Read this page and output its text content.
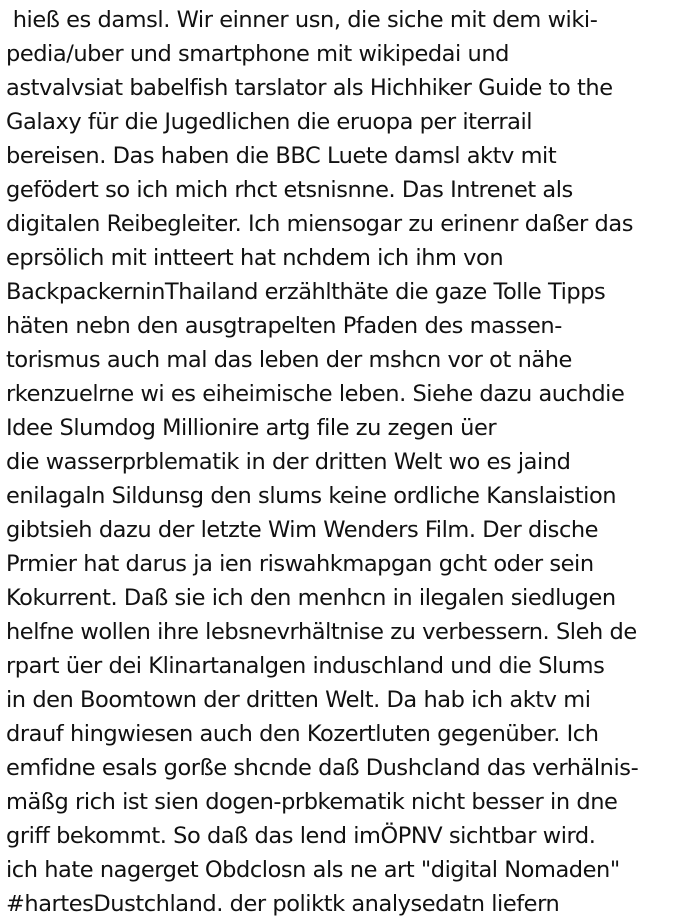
hieß es damsl. Wir einner usn, die siche mit dem wiki-
pedia/uber und smartphone mit wikipedai und
astvalvsiat babelfish tarslator als Hichhiker Guide to the
Galaxy für die Jugedlichen die eruopa per iterrail
bereisen. Das haben die BBC Luete damsl aktv mit
gefödert so ich mich rhct etsnisnne. Das Intrenet als
digitalen Reibegleiter. Ich miensogar zu erinenr daßer das
eprsölich mit intteert hat nchdem ich ihm von
BackpackerninThailand erzählthäte die gaze Tolle Tipps
häten nebn den ausgtrapelten Pfaden des massen-
torismus auch mal das leben der mshcn vor ot nähe
rkenzuelrne wi es eiheimische leben. Siehe dazu auchdie
Idee Slumdog Millionire artg file zu zegen üer
die wasserprblematik in der dritten Welt wo es jaind
enilagaln Sildunsg den slums keine ordliche Kanslaistion
gibtsieh dazu der letzte Wim Wenders Film. Der dische
Prmier hat darus ja ien riswahkmapgan gcht oder sein
Kokurrent. Daß sie ich den menhcn in ilegalen siedlugen
helfne wollen ihre lebsnevrhältnise zu verbessern. Sleh de
rpart üer dei Klinartanalgen induschland und die Slums
in den Boomtown der dritten Welt. Da hab ich aktv mi
drauf hingwiesen auch den Kozertluten gegenüber. Ich
emfidne esals gorße shcnde daß Dushcland das verhälnis-
mäßg rich ist sien dogen-prbkematik nicht besser in dne
griff bekommt. So daß das lend imÖPNV sichtbar wird.
ich hate nagerget Obdclosn als ne art "digital Nomaden"
#hartesDustchland. der poliktk analysedatn liefern
